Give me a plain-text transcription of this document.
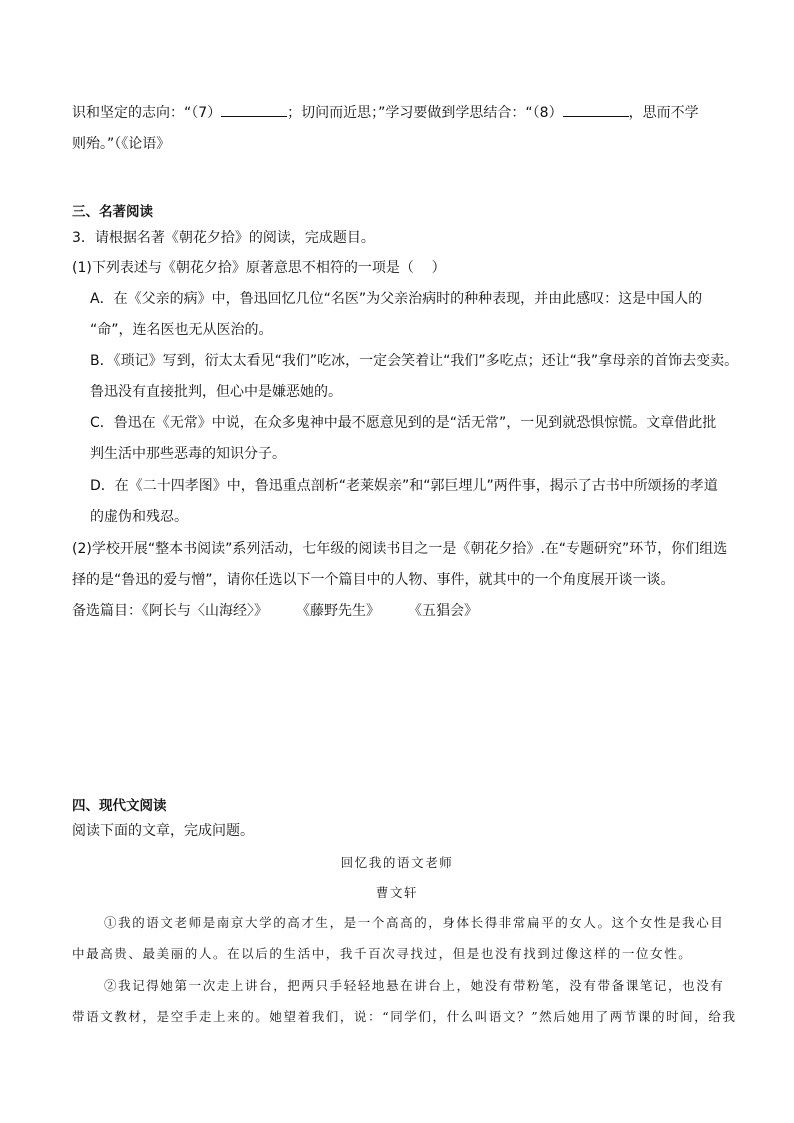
识和坚定的志向：“（7）	；切问而近思；”学习要做到学思结合：“（8）	，思而不学
则殆。”（《论语》
三、名著阅读
3．请根据名著《朝花夕拾》的阅读，完成题目。
(1)下列表述与《朝花夕拾》原著意思不相符的一项是（    ）
A．在《父亲的病》中，鲁迅回忆几位“名医”为父亲治病时的种种表现，并由此感叹：这是中国人的
“命”，连名医也无从医治的。
B．《琐记》写到，衍太太看见“我们”吃冰，一定会笑着让“我们”多吃点；还让“我”拿母亲的首饰去变卖。
鲁迅没有直接批判，但心中是嫌恶她的。
C．鲁迅在《无常》中说，在众多鬼神中最不愿意见到的是“活无常”，一见到就恐惧惊慌。文章借此批
判生活中那些恶毒的知识分子。
D．在《二十四孝图》中，鲁迅重点剖析“老莱娱亲”和“郭巨埋儿”两件事，揭示了古书中所颂扬的孝道
的虚伪和残忍。
(2)学校开展“整本书阅读”系列活动，七年级的阅读书目之一是《朝花夕拾》.在“专题研究”环节，你们组选
择的是“鲁迅的爱与憎”，请你任选以下一个篇目中的人物、事件，就其中的一个角度展开谈一谈。
备选篇目：《阿长与〈山海经〉》 《藤野先生》 《五猖会》
四、现代文阅读
阅读下面的文章，完成问题。
回忆我的语文老师
曹文轩
①我的语文老师是南京大学的高才生，是一个高高的，身体长得非常扁平的女人。这个女性是我心目
中最高贵、最美丽的人。在以后的生活中，我千百次寻找过，但是也没有找到过像这样的一位女性。
②我记得她第一次走上讲台，把两只手轻轻地悬在讲台上，她没有带粉笔，没有带备课笔记，也没有
带语文教材，是空手走上来的。她望着我们，说：“同学们，什么叫语文？”然后她用了两节课的时间，给我
